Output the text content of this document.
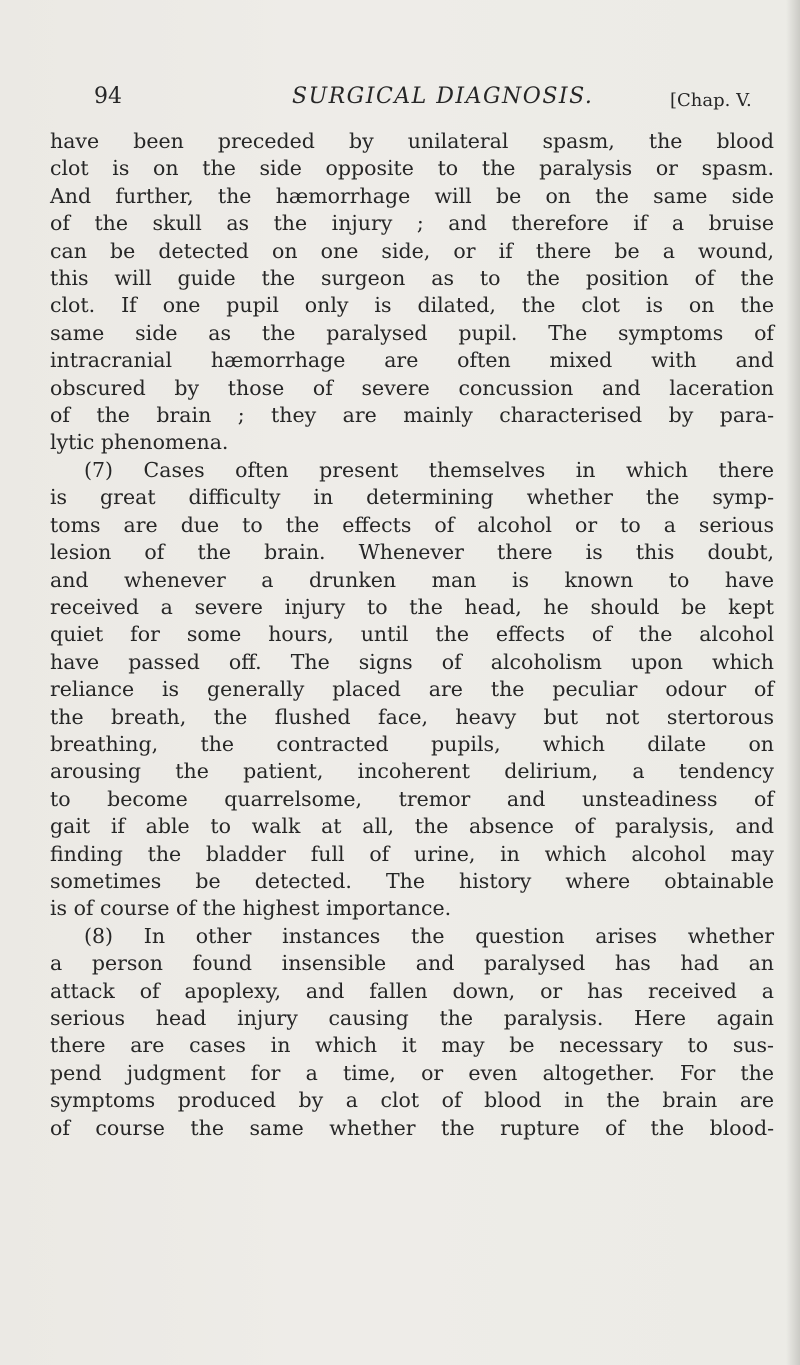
94	SURGICAL DIAGNOSIS.	[Chap. V.
have been preceded by unilateral spasm, the blood
clot is on the side opposite to the paralysis or spasm.
And further, the hæmorrhage will be on the same side
of the skull as the injury ; and therefore if a bruise
can be detected on one side, or if there be a wound,
this will guide the surgeon as to the position of the
clot. If one pupil only is dilated, the clot is on the
same side as the paralysed pupil. The symptoms of
intracranial hæmorrhage are often mixed with and
obscured by those of severe concussion and laceration
of the brain ; they are mainly characterised by para-
lytic phenomena.
(7) Cases often present themselves in which there
is great difficulty in determining whether the symp-
toms are due to the effects of alcohol or to a serious
lesion of the brain. Whenever there is this doubt,
and whenever a drunken man is known to have
received a severe injury to the head, he should be kept
quiet for some hours, until the effects of the alcohol
have passed off. The signs of alcoholism upon which
reliance is generally placed are the peculiar odour of
the breath, the flushed face, heavy but not stertorous
breathing, the contracted pupils, which dilate on
arousing the patient, incoherent delirium, a tendency
to become quarrelsome, tremor and unsteadiness of
gait if able to walk at all, the absence of paralysis, and
finding the bladder full of urine, in which alcohol may
sometimes be detected. The history where obtainable
is of course of the highest importance.
(8) In other instances the question arises whether
a person found insensible and paralysed has had an
attack of apoplexy, and fallen down, or has received a
serious head injury causing the paralysis. Here again
there are cases in which it may be necessary to sus-
pend judgment for a time, or even altogether. For the
symptoms produced by a clot of blood in the brain are
of course the same whether the rupture of the blood-
